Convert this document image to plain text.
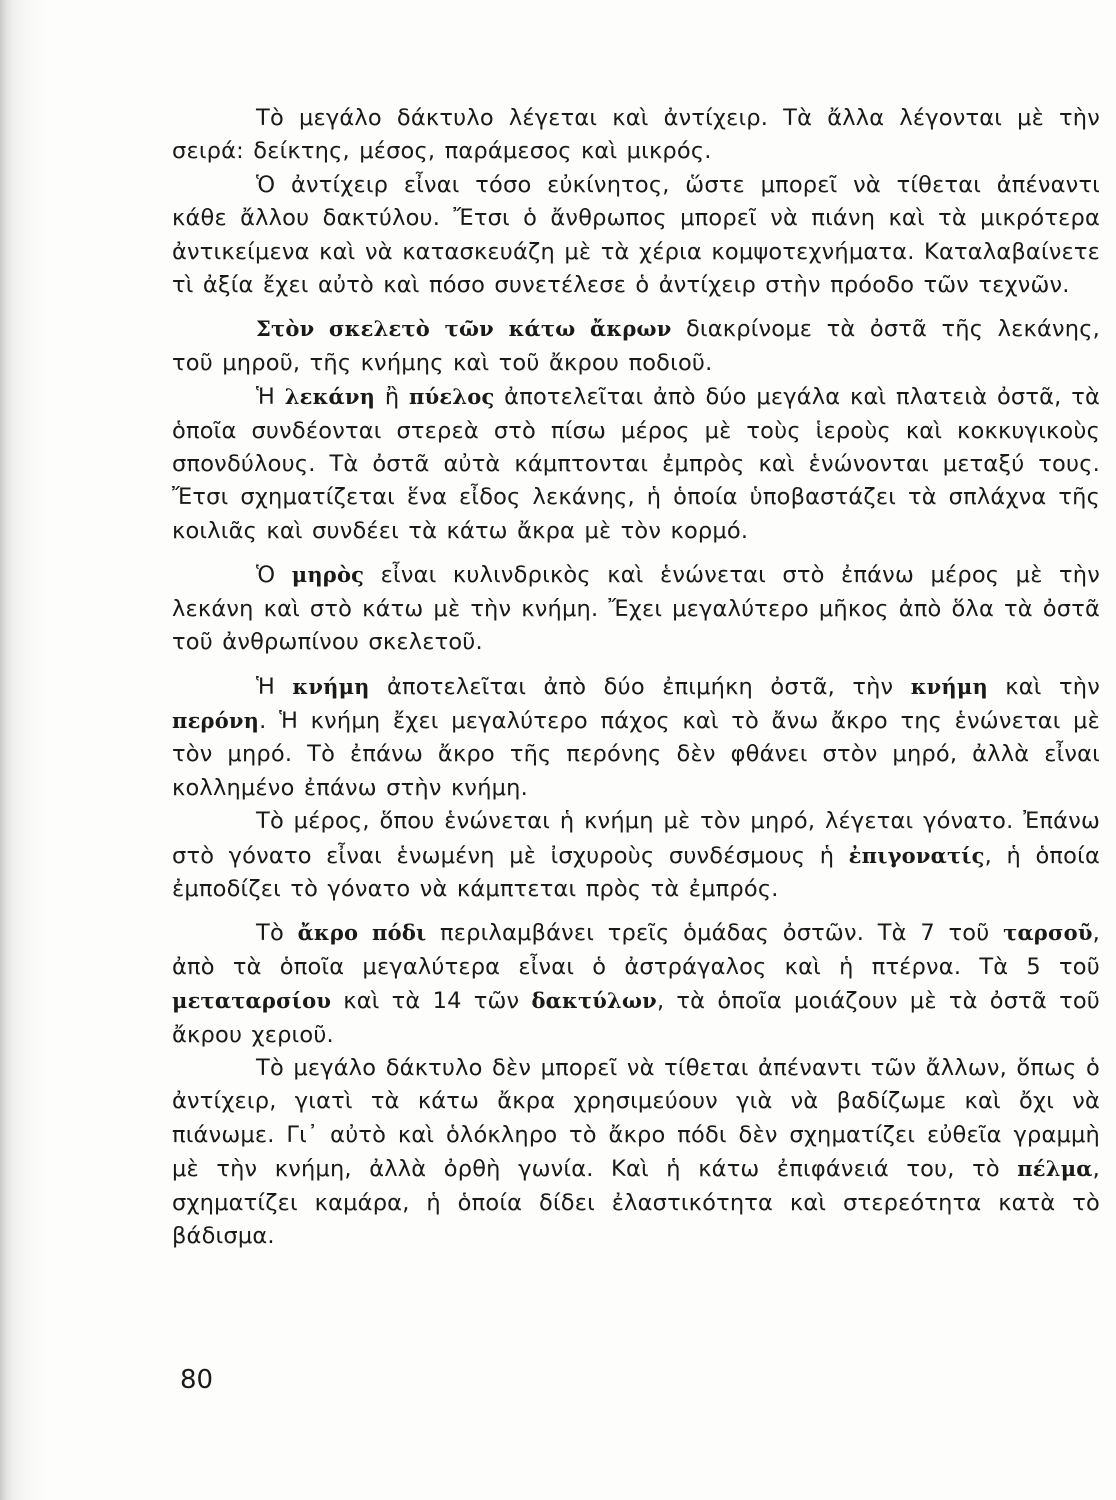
Τὸ μεγάλο δάκτυλο λέγεται καὶ ἀντίχειρ. Τὰ ἄλλα λέγονται μὲ τὴν σειρά: δείκτης, μέσος, παράμεσος καὶ μικρός.

Ὁ ἀντίχειρ εἶναι τόσο εὐκίνητος, ὥστε μπορεῖ νὰ τίθεται ἀπέναντι κάθε ἄλλου δακτύλου. Ἔτσι ὁ ἄνθρωπος μπορεῖ νὰ πιάνη καὶ τὰ μικρότερα ἀντικείμενα καὶ νὰ κατασκευάζη μὲ τὰ χέρια κομψοτεχνήματα. Καταλαβαίνετε τὶ ἀξία ἔχει αὐτὸ καὶ πόσο συνετέλεσε ὁ ἀντίχειρ στὴν πρόοδο τῶν τεχνῶν.

Στὸν σκελετὸ τῶν κάτω ἄκρων διακρίνομε τὰ ὀστᾶ τῆς λεκάνης, τοῦ μηροῦ, τῆς κνήμης καὶ τοῦ ἄκρου ποδιοῦ.

Ἡ λεκάνη ἢ πύελος ἀποτελεῖται ἀπὸ δύο μεγάλα καὶ πλατειὰ ὀστᾶ, τὰ ὁποῖα συνδέονται στερεὰ στὸ πίσω μέρος μὲ τοὺς ἱεροὺς καὶ κοκκυγικοὺς σπονδύλους. Τὰ ὀστᾶ αὐτὰ κάμπτονται ἐμπρὸς καὶ ἑνώνονται μεταξύ τους. Ἔτσι σχηματίζεται ἕνα εἶδος λεκάνης, ἡ ὁποία ὑποβαστάζει τὰ σπλάχνα τῆς κοιλιᾶς καὶ συνδέει τὰ κάτω ἄκρα μὲ τὸν κορμό.

Ὁ μηρὸς εἶναι κυλινδρικὸς καὶ ἑνώνεται στὸ ἐπάνω μέρος μὲ τὴν λεκάνη καὶ στὸ κάτω μὲ τὴν κνήμη. Ἔχει μεγαλύτερο μῆκος ἀπὸ ὅλα τὰ ὀστᾶ τοῦ ἀνθρωπίνου σκελετοῦ.

Ἡ κνήμη ἀποτελεῖται ἀπὸ δύο ἐπιμήκη ὀστᾶ, τὴν κνήμη καὶ τὴν περόνη. Ἡ κνήμη ἔχει μεγαλύτερο πάχος καὶ τὸ ἄνω ἄκρο της ἑνώνεται μὲ τὸν μηρό. Τὸ ἐπάνω ἄκρο τῆς περόνης δὲν φθάνει στὸν μηρό, ἀλλὰ εἶναι κολλημένο ἐπάνω στὴν κνήμη.

Τὸ μέρος, ὅπου ἑνώνεται ἡ κνήμη μὲ τὸν μηρό, λέγεται γόνατο. Ἐπάνω στὸ γόνατο εἶναι ἑνωμένη μὲ ἰσχυροὺς συνδέσμους ἡ ἐπιγονατίς, ἡ ὁποία ἐμποδίζει τὸ γόνατο νὰ κάμπτεται πρὸς τὰ ἐμπρός.

Τὸ ἄκρο πόδι περιλαμβάνει τρεῖς ὁμάδας ὀστῶν. Τὰ 7 τοῦ ταρσοῦ, ἀπὸ τὰ ὁποῖα μεγαλύτερα εἶναι ὁ ἀστράγαλος καὶ ἡ πτέρνα. Τὰ 5 τοῦ μεταταρσίου καὶ τὰ 14 τῶν δακτύλων, τὰ ὁποῖα μοιάζουν μὲ τὰ ὀστᾶ τοῦ ἄκρου χεριοῦ.

Τὸ μεγάλο δάκτυλο δὲν μπορεῖ νὰ τίθεται ἀπέναντι τῶν ἄλλων, ὅπως ὁ ἀντίχειρ, γιατὶ τὰ κάτω ἄκρα χρησιμεύουν γιὰ νὰ βαδίζωμε καὶ ὄχι νὰ πιάνωμε. Γι᾿ αὐτὸ καὶ ὁλόκληρο τὸ ἄκρο πόδι δὲν σχηματίζει εὐθεῖα γραμμὴ μὲ τὴν κνήμη, ἀλλὰ ὀρθὴ γωνία. Καὶ ἡ κάτω ἐπιφάνειά του, τὸ πέλμα, σχηματίζει καμάρα, ἡ ὁποία δίδει ἐλαστικότητα καὶ στερεότητα κατὰ τὸ βάδισμα.

80
